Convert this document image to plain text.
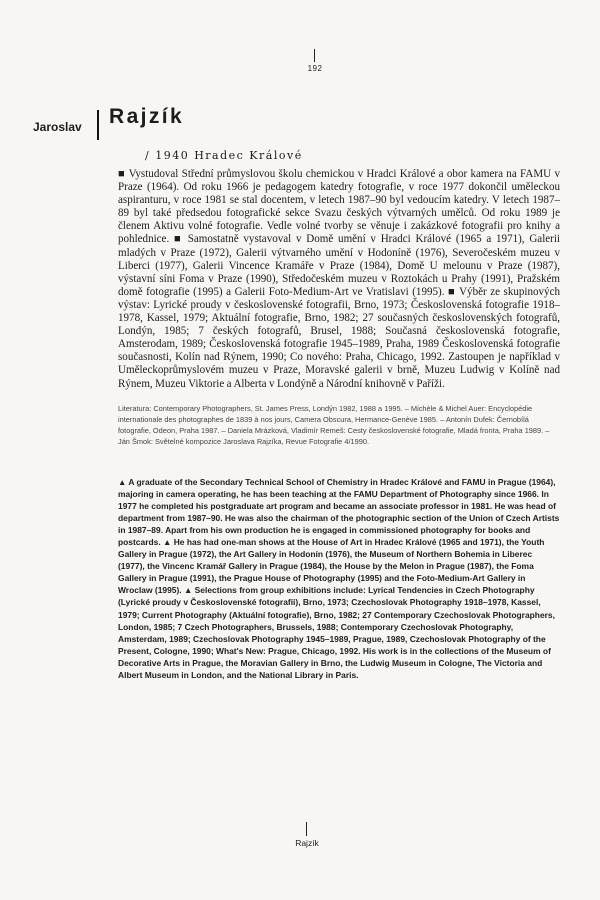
192
Jaroslav Rajzík
/ 1940 Hradec Králové
■ Vystudoval Střední průmyslovou školu chemickou v Hradci Králové a obor kamera na FAMU v Praze (1964). Od roku 1966 je pedagogem katedry fotografie, v roce 1977 dokončil uměleckou aspiranturu, v roce 1981 se stal docentem, v letech 1987–90 byl vedoucím katedry. V letech 1987–89 byl také předsedou fotografické sekce Svazu českých výtvarných umělců. Od roku 1989 je členem Aktivu volné fotografie. Vedle volné tvorby se věnuje i zakázkové fotografii pro knihy a pohlednice. ■ Samostatně vystavoval v Domě umění v Hradci Králové (1965 a 1971), Galerii mladých v Praze (1972), Galerii výtvarného umění v Hodoníně (1976), Severočeském muzeu v Liberci (1977), Galerii Vincence Kramáře v Praze (1984), Domě U melounu v Praze (1987), výstavní síni Foma v Praze (1990), Středočeském muzeu v Roztokách u Prahy (1991), Pražském domě fotografie (1995) a Galerii Foto-Medium-Art ve Vratislavi (1995). ■ Výběr ze skupinových výstav: Lyrické proudy v československé fotografii, Brno, 1973; Československá fotografie 1918–1978, Kassel, 1979; Aktuální fotografie, Brno, 1982; 27 současných československých fotografů, Londýn, 1985; 7 českých fotografů, Brusel, 1988; Současná československá fotografie, Amsterodam, 1989; Československá fotografie 1945–1989, Praha, 1989 Československá fotografie současnosti, Kolín nad Rýnem, 1990; Co nového: Praha, Chicago, 1992. Zastoupen je například v Uměleckoprůmyslovém muzeu v Praze, Moravské galerii v brně, Muzeu Ludwig v Kolíně nad Rýnem, Muzeu Viktorie a Alberta v Londýně a Národní knihovně v Paříži.
Literatura: Contemporary Photographers, St. James Press, Londýn 1982, 1988 a 1995. – Michèle & Michel Auer: Encyclopédie internationale des photographes de 1839 à nos jours, Camera Obscura, Hermance-Genève 1985. – Antonín Dufek: Černobílá fotografie, Odeon, Praha 1987. – Daniela Mrázková, Vladimír Remeš: Cesty československé fotografie, Mladá fronta, Praha 1989. – Ján Šmok: Světelné kompozice Jaroslava Rajzíka, Revue Fotografie 4/1990.
▲ A graduate of the Secondary Technical School of Chemistry in Hradec Králové and FAMU in Prague (1964), majoring in camera operating, he has been teaching at the FAMU Department of Photography since 1966. In 1977 he completed his postgraduate art program and became an associate professor in 1981. He was head of department from 1987–90. He was also the chairman of the photographic section of the Union of Czech Artists in 1987–89. Apart from his own production he is engaged in commissioned photography for books and postcards. ▲ He has had one-man shows at the House of Art in Hradec Králové (1965 and 1971), the Youth Gallery in Prague (1972), the Art Gallery in Hodonín (1976), the Museum of Northern Bohemia in Liberec (1977), the Vincenc Kramář Gallery in Prague (1984), the House by the Melon in Prague (1987), the Foma Gallery in Prague (1991), the Prague House of Photography (1995) and the Foto-Medium-Art Gallery in Wroclaw (1995). ▲ Selections from group exhibitions include: Lyrical Tendencies in Czech Photography (Lyrické proudy v Československé fotografii), Brno, 1973; Czechoslovak Photography 1918–1978, Kassel, 1979; Current Photography (Aktuální fotografie), Brno, 1982; 27 Contemporary Czechoslovak Photographers, London, 1985; 7 Czech Photographers, Brussels, 1988; Contemporary Czechoslovak Photography, Amsterdam, 1989; Czechoslovak Photography 1945–1989, Prague, 1989, Czechoslovak Photography of the Present, Cologne, 1990; What's New: Prague, Chicago, 1992. His work is in the collections of the Museum of Decorative Arts in Prague, the Moravian Gallery in Brno, the Ludwig Museum in Cologne, The Victoria and Albert Museum in London, and the National Library in Paris.
Rajzík
